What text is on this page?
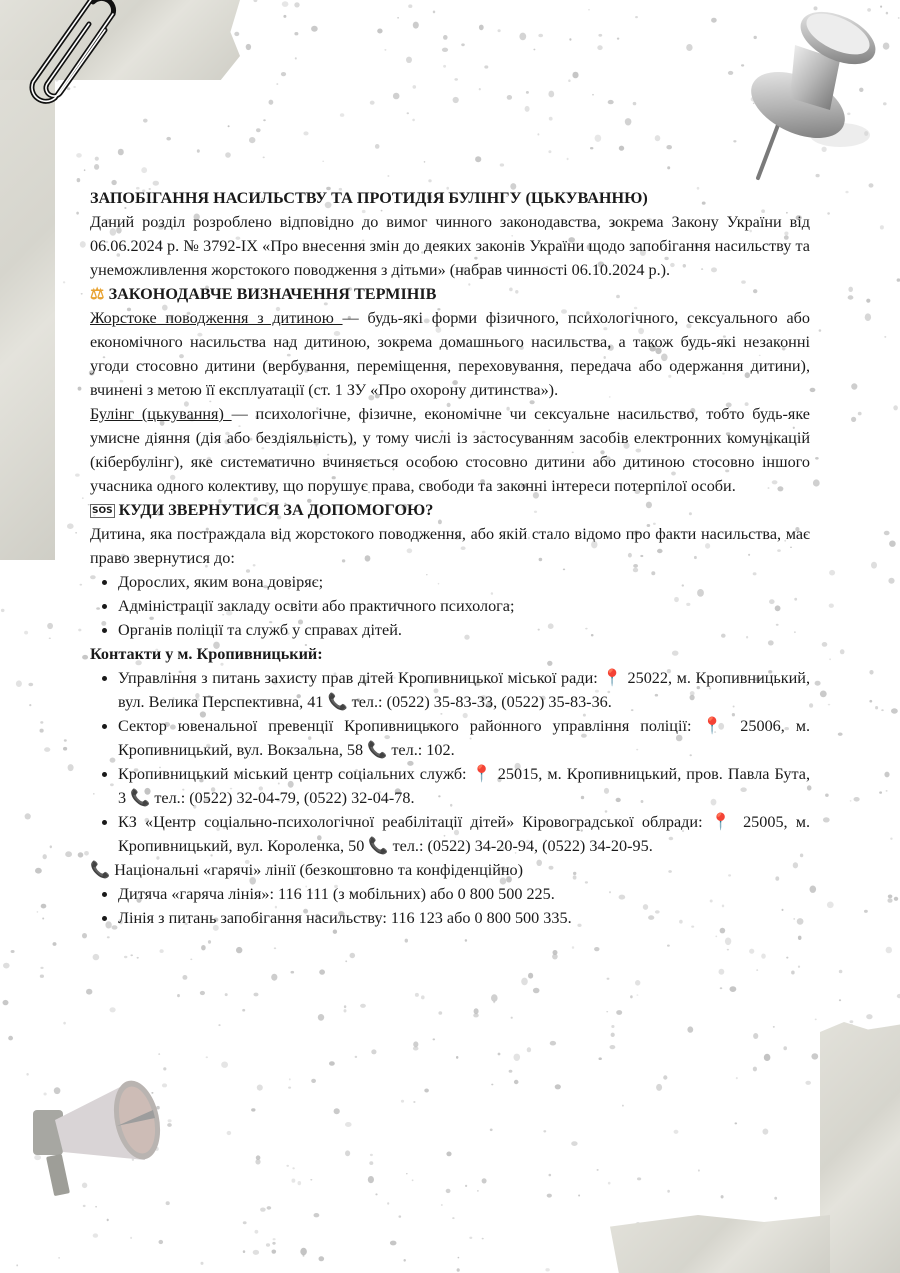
ЗАПОБІГАННЯ НАСИЛЬСТВУ ТА ПРОТИДІЯ БУЛІНГУ (ЦЬКУВАННЮ)

Даний розділ розроблено відповідно до вимог чинного законодавства, зокрема Закону України від 06.06.2024 р. № 3792-IX «Про внесення змін до деяких законів України щодо запобігання насильству та унеможливлення жорстокого поводження з дітьми» (набрав чинності 06.10.2024 р.).

⚖ ЗАКОНОДАВЧЕ ВИЗНАЧЕННЯ ТЕРМІНІВ

Жорстоке поводження з дитиною — будь-які форми фізичного, психологічного, сексуального або економічного насильства над дитиною, зокрема домашнього насильства, а також будь-які незаконні угоди стосовно дитини (вербування, переміщення, переховування, передача або одержання дитини), вчинені з метою її експлуатації (ст. 1 ЗУ «Про охорону дитинства»).

Булінг (цькування) — психологічне, фізичне, економічне чи сексуальне насильство, тобто будь-яке умисне діяння (дія або бездіяльність), у тому числі із застосуванням засобів електронних комунікацій (кібербулінг), яке систематично вчиняється особою стосовно дитини або дитиною стосовно іншого учасника одного колективу, що порушує права, свободи та законні інтереси потерпілої особи.

SOS КУДИ ЗВЕРНУТИСЯ ЗА ДОПОМОГОЮ?

Дитина, яка постраждала від жорстокого поводження, або якій стало відомо про факти насильства, має право звернутися до:

• Дорослих, яким вона довіряє;
• Адміністрації закладу освіти або практичного психолога;
• Органів поліції та служб у справах дітей.

Контакти у м. Кропивницький:

• Управління з питань захисту прав дітей Кропивницької міської ради: 📍 25022, м. Кропивницький, вул. Велика Перспективна, 41 📞 тел.: (0522) 35-83-33, (0522) 35-83-36.
• Сектор ювенальної превенції Кропивницького районного управління поліції: 📍 25006, м. Кропивницький, вул. Вокзальна, 58 📞 тел.: 102.
• Кропивницький міський центр соціальних служб: 📍 25015, м. Кропивницький, пров. Павла Бута, 3 📞 тел.: (0522) 32-04-79, (0522) 32-04-78.
• КЗ «Центр соціально-психологічної реабілітації дітей» Кіровоградської облради: 📍 25005, м. Кропивницький, вул. Короленка, 50 📞 тел.: (0522) 34-20-94, (0522) 34-20-95.

📞 Національні «гарячі» лінії (безкоштовно та конфіденційно)

• Дитяча «гаряча лінія»: 116 111 (з мобільних) або 0 800 500 225.
• Лінія з питань запобігання насильству: 116 123 або 0 800 500 335.
